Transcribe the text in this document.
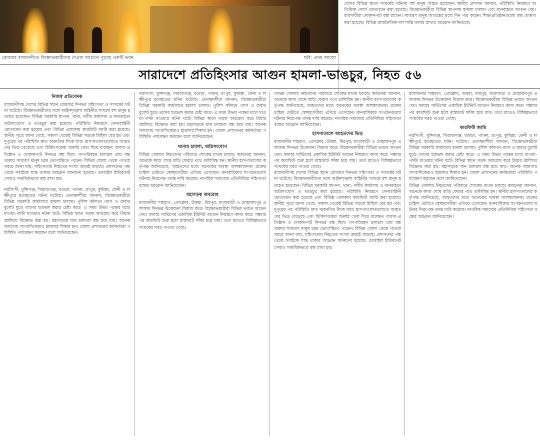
রোববার রাজধানীতে বিক্ষোভকারীদের দেওয়া আগুনে পুড়ছে একটি ভবন	ছবি: প্রথম আলো
দেশের বিভিন্ন স্থানে সংঘর্ষের ঘটনায় বহু মানুষ আহত হয়েছেন। স্থানীয় প্রশাসন জানায়, পরিস্থিতি নিয়ন্ত্রণে অতিরিক্ত ফোর্স মোতায়েন করা হয়েছে। বিক্ষোভকারীরা বিভিন্ন স্থাপনায় হামলা চালায় এবং যানবাহনে আগুন দেয়। ব্যবসায়ীরা দোকানপাট বন্ধ রাখেন। সাধারণ মানুষ আতঙ্কের মধ্যে দিন পার করেন। শিক্ষাপ্রতিষ্ঠানগুলো বন্ধ ঘোষণা করা হয়েছে। বিভিন্ন রাজনৈতিক দল শান্তি বজায় রাখার আহ্বান জানিয়েছে।
সারাদেশে প্রতিহিংসার আগুন হামলা-ভাঙচুর, নিহত ৫৬
নিজস্ব প্রতিবেদক
রাজধানীসহ দেশের বিভিন্ন স্থানে রোববার দিনভর সহিংসতা ও সংঘর্ষের ঘটনা ঘটেছে। বিক্ষোভকারীদের সঙ্গে আইনশৃঙ্খলা বাহিনীর সংঘর্ষে বহু মানুষ হতাহত হয়েছেন। বিভিন্ন সরকারি স্থাপনা, থানা, দলীয় কার্যালয় ও যানবাহনে অগ্নিসংযোগ ও ভাঙচুর করা হয়েছে। পরিস্থিতি নিয়ন্ত্রণে সেনাবাহিনী মোতায়েন করা হয়েছে এবং বিভিন্ন এলাকায় কারফিউ জারি করা হয়েছে। স্থানীয় সূত্রে জানা গেছে, সকাল থেকেই বিভিন্ন সড়কে মিছিল বের হয় এবং দুপুরের পর পরিস্থিতি দ্রুত অবনতির দিকে যায়। হাসপাতালগুলোতে আহতদের ভিড় বেড়েছে এবং চিকিৎসকেরা জরুরি সেবা দিয়ে যাচ্ছেন। ব্যবসা-প্রতিষ্ঠান ও দোকানপাট দিনভর বন্ধ ছিল। গণপরিবহন চলাচল প্রায় বন্ধ থাকায় সাধারণ মানুষ চরম ভোগান্তিতে পড়েন। বিভিন্ন জেলা থেকে পাওয়া খবরে জানা যায়, সহিংসতায় নিহতের সংখ্যা ক্রমেই বাড়ছে। প্রশাসনের পক্ষ থেকে সবাইকে শান্ত থাকার আহ্বান জানানো হয়েছে। মোবাইল ইন্টারনেট সেবাও সাময়িকভাবে বন্ধ রাখা হয়।
নরসিংদী, মুন্সিগঞ্জ, সিরাজগঞ্জ, বগুড়া, পাবনা, রংপুর, কুমিল্লা, ফেনী ও লক্ষ্মীপুরে হতাহতের ঘটনা ঘটেছে। প্রত্যক্ষদর্শীরা জানান, বিক্ষোভকারীরা বিভিন্ন সরকারি কার্যালয়ে হামলা চালায়। পুলিশ কাঁদানে গ্যাস ও রাবার বুলেট ছুড়ে তাদের ছত্রভঙ্গ করার চেষ্টা করে। এ সময় উভয় পক্ষের মধ্যে ধাওয়া-পাল্টা ধাওয়ার ঘটনা ঘটে। বিভিন্ন স্থানে সড়ক অবরোধ করে টায়ার জ্বালিয়ে বিক্ষোভ করা হয়। মহাসড়কে যান চলাচল বন্ধ হয়ে যায়। অনেক জায়গায় সাংবাদিকেরাও হামলার শিকার হন। জেলা প্রশাসনের কর্মকর্তারা পরিস্থিতি পর্যবেক্ষণ করছেন বলে জানিয়েছেন।
নরসিংদী, মুন্সিগঞ্জ, সিরাজগঞ্জ, বগুড়া, পাবনা, রংপুর, কুমিল্লা, ফেনী ও লক্ষ্মীপুরে হতাহতের ঘটনা ঘটেছে। প্রত্যক্ষদর্শীরা জানান, বিক্ষোভকারীরা বিভিন্ন সরকারি কার্যালয়ে হামলা চালায়। পুলিশ কাঁদানে গ্যাস ও রাবার বুলেট ছুড়ে তাদের ছত্রভঙ্গ করার চেষ্টা করে। এ সময় উভয় পক্ষের মধ্যে ধাওয়া-পাল্টা ধাওয়ার ঘটনা ঘটে। বিভিন্ন স্থানে সড়ক অবরোধ করে টায়ার জ্বালিয়ে বিক্ষোভ করা হয়। মহাসড়কে যান চলাচল বন্ধ হয়ে যায়। অনেক জায়গায় সাংবাদিকেরাও হামলার শিকার হন। জেলা প্রশাসনের কর্মকর্তারা পরিস্থিতি পর্যবেক্ষণ করছেন বলে জানিয়েছেন।
থানায় হামলা, অগ্নিসংযোগ
বিভিন্ন জেলায় নিহতদের পরিবারে শোকের মাতম চলছে। স্বজনেরা জানান, অনেকে কাজ শেষে বাড়ি ফেরার পথে গুলিবিদ্ধ হন। স্থানীয় হাসপাতালের কর্তৃপক্ষ জানিয়েছে, আহতদের মধ্যে অনেকের অবস্থা আশঙ্কাজনক। রক্তের চাহিদা মেটাতে স্বেচ্ছাসেবীরা এগিয়ে এসেছেন। মানবাধিকার সংগঠনগুলো ঘটনার নিরপেক্ষ তদন্ত দাবি করেছে। নাগরিক সমাজের প্রতিনিধিরা সহিংসতা বন্ধের আহ্বান জানিয়েছেন।
মহাসড়ক অবরোধ
রাজধানীর শাহবাগ, প্রেসক্লাব, উত্তরা, মিরপুর, যাত্রাবাড়ী ও মোহাম্মদপুর এলাকায় দিনভর উত্তেজনা বিরাজ করে। বিক্ষোভকারীরা বিভিন্ন ভবনে আগুন দেয়। ফায়ার সার্ভিসের একাধিক ইউনিট আগুন নিয়ন্ত্রণে কাজ করে। সন্ধ্যার পর কারফিউ শুরু হলে রাস্তাঘাট ফাঁকা হয়ে যায়। তবে রাতেও বিচ্ছিন্নভাবে সংঘর্ষের খবর পাওয়া গেছে।
বিভিন্ন জেলায় নিহতদের পরিবারে শোকের মাতম চলছে। স্বজনেরা জানান, অনেকে কাজ শেষে বাড়ি ফেরার পথে গুলিবিদ্ধ হন। স্থানীয় হাসপাতালের কর্তৃপক্ষ জানিয়েছে, আহতদের মধ্যে অনেকের অবস্থা আশঙ্কাজনক। রক্তের চাহিদা মেটাতে স্বেচ্ছাসেবীরা এগিয়ে এসেছেন। মানবাধিকার সংগঠনগুলো ঘটনার নিরপেক্ষ তদন্ত দাবি করেছে। নাগরিক সমাজের প্রতিনিধিরা সহিংসতা বন্ধের আহ্বান জানিয়েছেন।
হাসপাতালে আহতদের ভিড়
রাজধানীর শাহবাগ, প্রেসক্লাব, উত্তরা, মিরপুর, যাত্রাবাড়ী ও মোহাম্মদপুর এলাকায় দিনভর উত্তেজনা বিরাজ করে। বিক্ষোভকারীরা বিভিন্ন ভবনে আগুন দেয়। ফায়ার সার্ভিসের একাধিক ইউনিট আগুন নিয়ন্ত্রণে কাজ করে। সন্ধ্যার পর কারফিউ শুরু হলে রাস্তাঘাট ফাঁকা হয়ে যায়। তবে রাতেও বিচ্ছিন্নভাবে সংঘর্ষের খবর পাওয়া গেছে।
রাজধানীসহ দেশের বিভিন্ন স্থানে রোববার দিনভর সহিংসতা ও সংঘর্ষের ঘটনা ঘটেছে। বিক্ষোভকারীদের সঙ্গে আইনশৃঙ্খলা বাহিনীর সংঘর্ষে বহু মানুষ হতাহত হয়েছেন। বিভিন্ন সরকারি স্থাপনা, থানা, দলীয় কার্যালয় ও যানবাহনে অগ্নিসংযোগ ও ভাঙচুর করা হয়েছে। পরিস্থিতি নিয়ন্ত্রণে সেনাবাহিনী মোতায়েন করা হয়েছে এবং বিভিন্ন এলাকায় কারফিউ জারি করা হয়েছে। স্থানীয় সূত্রে জানা গেছে, সকাল থেকেই বিভিন্ন সড়কে মিছিল বের হয় এবং দুপুরের পর পরিস্থিতি দ্রুত অবনতির দিকে যায়। হাসপাতালগুলোতে আহতদের ভিড় বেড়েছে এবং চিকিৎসকেরা জরুরি সেবা দিয়ে যাচ্ছেন। ব্যবসা-প্রতিষ্ঠান ও দোকানপাট দিনভর বন্ধ ছিল। গণপরিবহন চলাচল প্রায় বন্ধ থাকায় সাধারণ মানুষ চরম ভোগান্তিতে পড়েন। বিভিন্ন জেলা থেকে পাওয়া খবরে জানা যায়, সহিংসতায় নিহতের সংখ্যা ক্রমেই বাড়ছে। প্রশাসনের পক্ষ থেকে সবাইকে শান্ত থাকার আহ্বান জানানো হয়েছে। মোবাইল ইন্টারনেট সেবাও সাময়িকভাবে বন্ধ রাখা হয়।
রাজধানীর শাহবাগ, প্রেসক্লাব, উত্তরা, মিরপুর, যাত্রাবাড়ী ও মোহাম্মদপুর এলাকায় দিনভর উত্তেজনা বিরাজ করে। বিক্ষোভকারীরা বিভিন্ন ভবনে আগুন দেয়। ফায়ার সার্ভিসের একাধিক ইউনিট আগুন নিয়ন্ত্রণে কাজ করে। সন্ধ্যার পর কারফিউ শুরু হলে রাস্তাঘাট ফাঁকা হয়ে যায়। তবে রাতেও বিচ্ছিন্নভাবে সংঘর্ষের খবর পাওয়া গেছে।
কারফিউ জারি
নরসিংদী, মুন্সিগঞ্জ, সিরাজগঞ্জ, বগুড়া, পাবনা, রংপুর, কুমিল্লা, ফেনী ও লক্ষ্মীপুরে হতাহতের ঘটনা ঘটেছে। প্রত্যক্ষদর্শীরা জানান, বিক্ষোভকারীরা বিভিন্ন সরকারি কার্যালয়ে হামলা চালায়। পুলিশ কাঁদানে গ্যাস ও রাবার বুলেট ছুড়ে তাদের ছত্রভঙ্গ করার চেষ্টা করে। এ সময় উভয় পক্ষের মধ্যে ধাওয়া-পাল্টা ধাওয়ার ঘটনা ঘটে। বিভিন্ন স্থানে সড়ক অবরোধ করে টায়ার জ্বালিয়ে বিক্ষোভ করা হয়। মহাসড়কে যান চলাচল বন্ধ হয়ে যায়। অনেক জায়গায় সাংবাদিকেরাও হামলার শিকার হন। জেলা প্রশাসনের কর্মকর্তারা পরিস্থিতি পর্যবেক্ষণ করছেন বলে জানিয়েছেন।
বিভিন্ন জেলায় নিহতদের পরিবারে শোকের মাতম চলছে। স্বজনেরা জানান, অনেকে কাজ শেষে বাড়ি ফেরার পথে গুলিবিদ্ধ হন। স্থানীয় হাসপাতালের কর্তৃপক্ষ জানিয়েছে, আহতদের মধ্যে অনেকের অবস্থা আশঙ্কাজনক। রক্তের চাহিদা মেটাতে স্বেচ্ছাসেবীরা এগিয়ে এসেছেন। মানবাধিকার সংগঠনগুলো ঘটনার নিরপেক্ষ তদন্ত দাবি করেছে। নাগরিক সমাজের প্রতিনিধিরা সহিংসতা বন্ধের আহ্বান জানিয়েছেন।
